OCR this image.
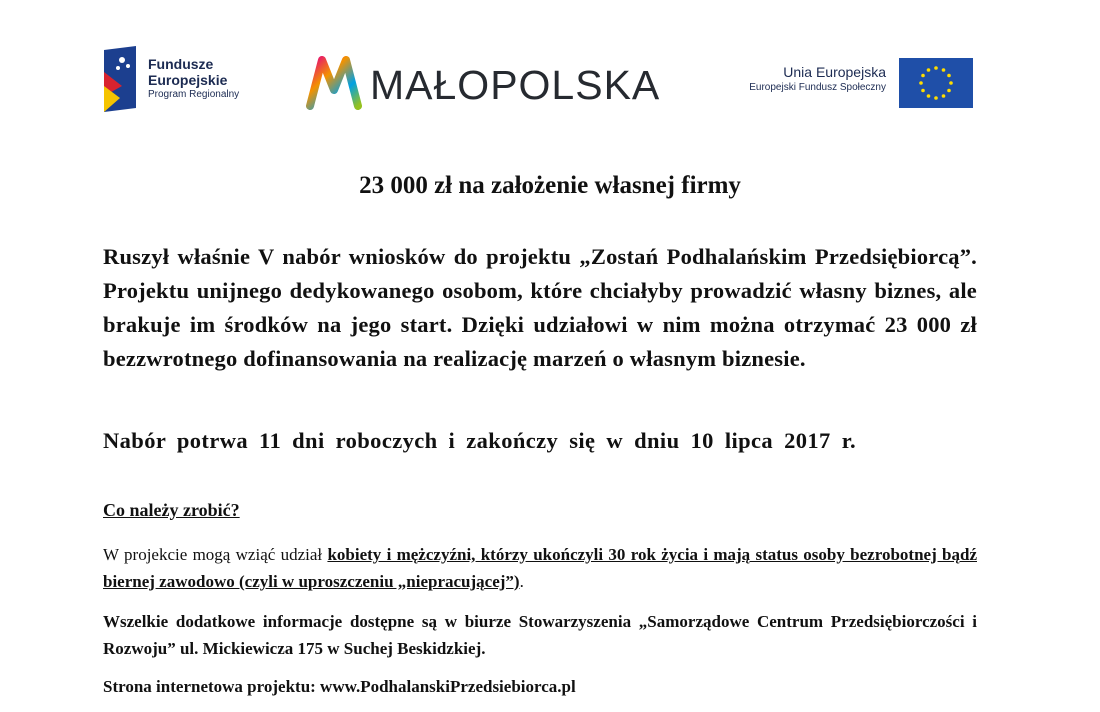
Fundusze
Europejskie
Program Regionalny	MAŁOPOLSKA	Unia Europejska
Europejski Fundusz Społeczny
23 000 zł na założenie własnej firmy

Ruszył właśnie V nabór wniosków do projektu „Zostań Podhalańskim Przedsiębiorcą”. Projektu unijnego dedykowanego osobom, które chciałyby prowadzić własny biznes, ale brakuje im środków na jego start. Dzięki udziałowi w nim można otrzymać 23 000 zł bezzwrotnego dofinansowania na realizację marzeń o własnym biznesie.

Nabór potrwa 11 dni roboczych i zakończy się w dniu 10 lipca 2017 r.

Co należy zrobić?

W projekcie mogą wziąć udział kobiety i mężczyźni, którzy ukończyli 30 rok życia i mają status osoby bezrobotnej bądź biernej zawodowo (czyli w uproszczeniu „niepracującej”).

Wszelkie dodatkowe informacje dostępne są w biurze Stowarzyszenia „Samorządowe Centrum Przedsiębiorczości i Rozwoju” ul. Mickiewicza 175 w Suchej Beskidzkiej.

Strona internetowa projektu: www.PodhalanskiPrzedsiebiorca.pl
